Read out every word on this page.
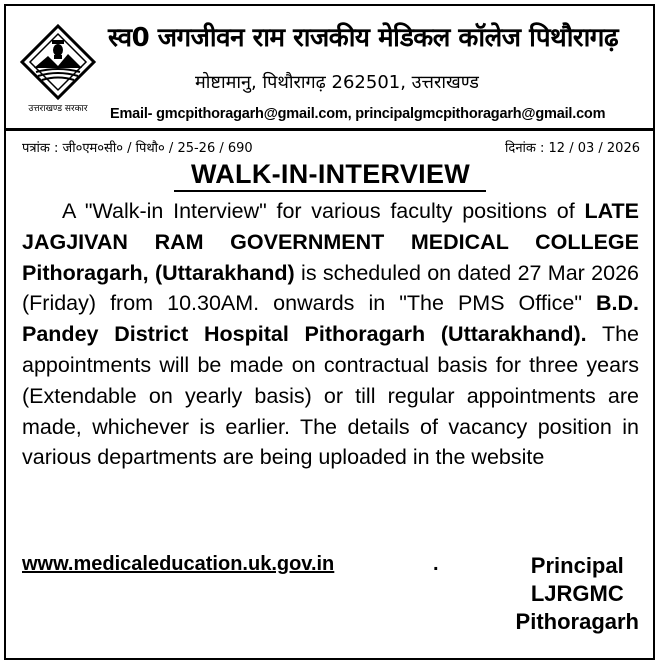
उत्तराखण्ड सरकार
स्व0 जगजीवन राम राजकीय मेडिकल कॉलेज पिथौरागढ़
मोष्टामानु, पिथौरागढ़ 262501, उत्तराखण्ड
Email- gmcpithoragarh@gmail.com, principalgmcpithoragarh@gmail.com
पत्रांक : जी०एम०सी० / पिथौ० / 25-26 / 690	दिनांक : 12 / 03 / 2026
WALK-IN-INTERVIEW
A "Walk-in Interview" for various faculty positions of LATE JAGJIVAN RAM GOVERNMENT MEDICAL COLLEGE Pithoragarh, (Uttarakhand) is scheduled on dated 27 Mar 2026 (Friday) from 10.30AM. onwards in "The PMS Office" B.D. Pandey District Hospital Pithoragarh (Uttarakhand). The appointments will be made on contractual basis for three years (Extendable on yearly basis) or till regular appointments are made, whichever is earlier. The details of vacancy position in various departments are being uploaded in the website
www.medicaleducation.uk.gov.in	.	Principal
LJRGMC
Pithoragarh
